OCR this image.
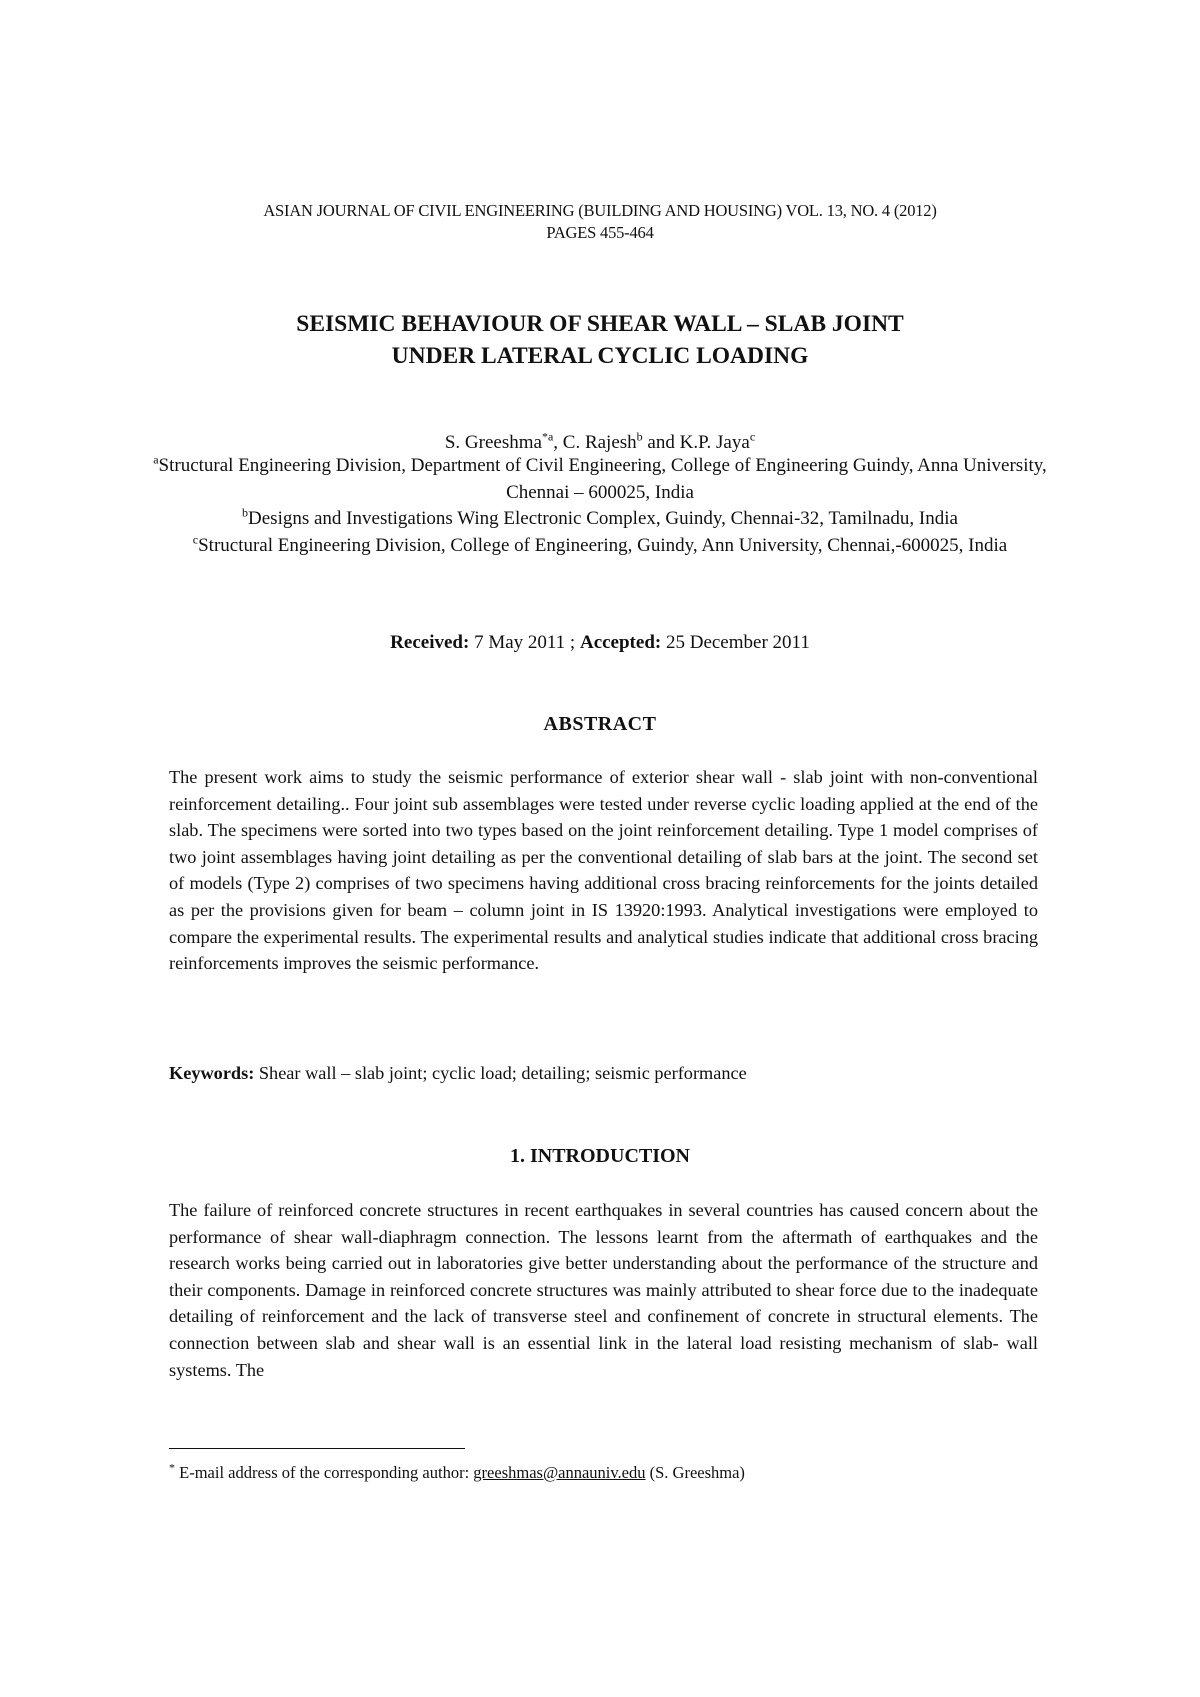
ASIAN JOURNAL OF CIVIL ENGINEERING (BUILDING AND HOUSING) VOL. 13, NO. 4 (2012)
PAGES 455-464
SEISMIC BEHAVIOUR OF SHEAR WALL – SLAB JOINT
UNDER LATERAL CYCLIC LOADING
S. Greeshma$^{*a}$, C. Rajesh$^b$ and K.P. Jaya$^c$

$^a$Structural Engineering Division, Department of Civil Engineering, College of Engineering Guindy, Anna University, Chennai – 600025, India

$^b$Designs and Investigations Wing Electronic Complex, Guindy, Chennai-32, Tamilnadu, India

$^c$Structural Engineering Division, College of Engineering, Guindy, Ann University, Chennai,-600025, India

Received: 7 May 2011 ; Accepted: 25 December 2011
ABSTRACT

The present work aims to study the seismic performance of exterior shear wall - slab joint with non-conventional reinforcement detailing.. Four joint sub assemblages were tested under reverse cyclic loading applied at the end of the slab. The specimens were sorted into two types based on the joint reinforcement detailing. Type 1 model comprises of two joint assemblages having joint detailing as per the conventional detailing of slab bars at the joint. The second set of models (Type 2) comprises of two specimens having additional cross bracing reinforcements for the joints detailed as per the provisions given for beam – column joint in IS 13920:1993. Analytical investigations were employed to compare the experimental results. The experimental results and analytical studies indicate that additional cross bracing reinforcements improves the seismic performance.

Keywords: Shear wall – slab joint; cyclic load; detailing; seismic performance
1. INTRODUCTION

The failure of reinforced concrete structures in recent earthquakes in several countries has caused concern about the performance of shear wall-diaphragm connection. The lessons learnt from the aftermath of earthquakes and the research works being carried out in laboratories give better understanding about the performance of the structure and their components. Damage in reinforced concrete structures was mainly attributed to shear force due to the inadequate detailing of reinforcement and the lack of transverse steel and confinement of concrete in structural elements. The connection between slab and shear wall is an essential link in the lateral load resisting mechanism of slab- wall systems. The

* E-mail address of the corresponding author: greeshmas@annauniv.edu (S. Greeshma)
